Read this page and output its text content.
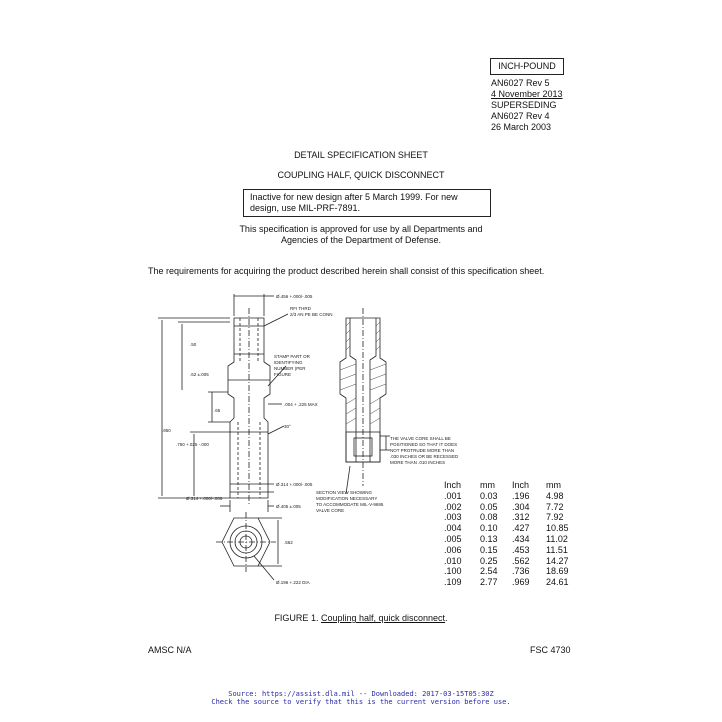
INCH-POUND
AN6027 Rev 5
4 November 2013
SUPERSEDING
AN6027 Rev 4
26 March 2003
DETAIL SPECIFICATION SHEET
COUPLING HALF, QUICK DISCONNECT
Inactive for new design after 5 March 1999. For new
design, use MIL-PRF-7891.
This specification is approved for use by all Departments and
Agencies of the Department of Defense.
The requirements for acquiring the product described herein shall consist of this specification sheet.
Ø.456 +.000/-.005
RFI THRD
2/3 AN PE BE CONN
STAMP PART OR
IDENTIFYING
NUMBER (PER
FIGURE
.62 ±.005
.50
.004 + .225 MAX
30°
.950
.750 +.025 -.000
.65
Ø.314 +.000/-.005
Ø.314 +.000/-.006
Ø.405 ±.005
.562
Ø.196 +.222 DIA
SECTION VIEW SHOWING
MODIFICATION NECESSARY
TO ACCOMMODATE MIL-V-9695
VALVE CORE
THE VALVE CORE SHALL BE
POSITIONED SO THAT IT DOES
NOT PROTRUDE MORE THAN
.030 INCHES OR BE RECESSED
MORE THAN .010 INCHES
Inch	mm	Inch	mm
.001	0.03	.196	4.98
.002	0.05	.304	7.72
.003	0.08	.312	7.92
.004	0.10	.427	10.85
.005	0.13	.434	11.02
.006	0.15	.453	11.51
.010	0.25	.562	14.27
.100	2.54	.736	18.69
.109	2.77	.969	24.61
FIGURE 1. Coupling half, quick disconnect.
AMSC N/A	FSC 4730
Source: https://assist.dla.mil -- Downloaded: 2017-03-15T05:30Z
Check the source to verify that this is the current version before use.
